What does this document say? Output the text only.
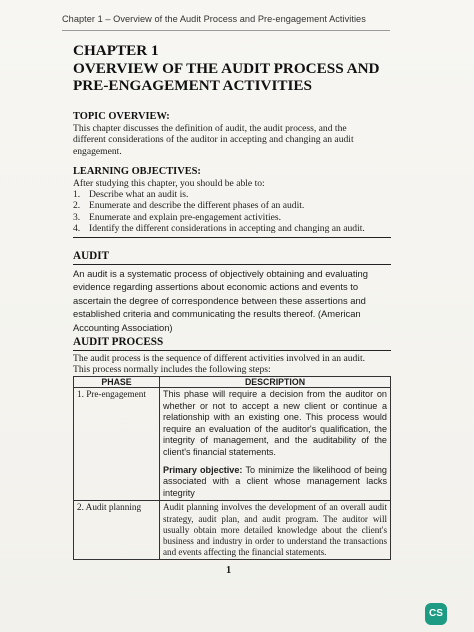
Chapter 1 – Overview of the Audit Process and Pre-engagement Activities
CHAPTER 1
OVERVIEW OF THE AUDIT PROCESS AND
PRE-ENGAGEMENT ACTIVITIES
TOPIC OVERVIEW:
This chapter discusses the definition of audit, the audit process, and the
different considerations of the auditor in accepting and changing an audit
engagement.
LEARNING OBJECTIVES:
After studying this chapter, you should be able to:
1. Describe what an audit is.
2. Enumerate and describe the different phases of an audit.
3. Enumerate and explain pre-engagement activities.
4. Identify the different considerations in accepting and changing an audit.
AUDIT
An audit is a systematic process of objectively obtaining and evaluating
evidence regarding assertions about economic actions and events to
ascertain the degree of correspondence between these assertions and
established criteria and communicating the results thereof. (American
Accounting Association)
AUDIT PROCESS
The audit process is the sequence of different activities involved in an audit.
This process normally includes the following steps:
PHASE	DESCRIPTION
1. Pre-engagement	This phase will require a decision from the auditor on whether or not to accept a new client or continue a relationship with an existing one. This process would require an evaluation of the auditor's qualification, the integrity of management, and the auditability of the client's financial statements.
Primary objective: To minimize the likelihood of being associated with a client whose management lacks integrity

2. Audit planning	Audit planning involves the development of an overall audit strategy, audit plan, and audit program. The auditor will usually obtain more detailed knowledge about the client's business and industry in order to understand the transactions and events affecting the financial statements.
1
CS
